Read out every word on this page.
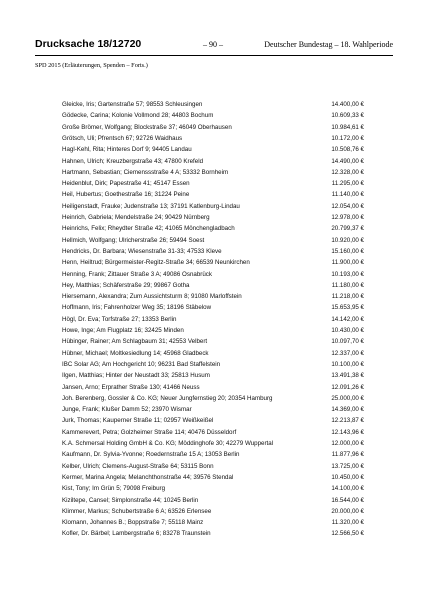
Drucksache 18/12720	– 90 –	Deutscher Bundestag – 18. Wahlperiode
SPD 2015 (Erläuterungen, Spenden – Forts.)
Gleicke, Iris; Gartenstraße 57; 98553 Schleusingen	14.400,00 €
Gödecke, Carina; Kolonie Vollmond 28; 44803 Bochum	10.609,33 €
Große Brömer, Wolfgang; Blockstraße 37; 46049 Oberhausen	10.984,61 €
Grötsch, Uli; Pfrentsch 67; 92726 Waidhaus	10.172,00 €
Hagl-Kehl, Rita; Hinteres Dorf 9; 94405 Landau	10.508,76 €
Hahnen, Ulrich; Kreuzbergstraße 43; 47800 Krefeld	14.490,00 €
Hartmann, Sebastian; Ciemenssstraße 4 A; 53332 Bornheim	12.328,00 €
Heidenblut, Dirk; Papestraße 41; 45147 Essen	11.295,00 €
Heil, Hubertus; Goethestraße 16; 31224 Peine	11.140,00 €
Heiligenstadt, Frauke; Judenstraße 13; 37191 Katlenburg-Lindau	12.054,00 €
Heinrich, Gabriela; Mendelstraße 24; 90429 Nürnberg	12.978,00 €
Heinrichs, Felix; Rheydter Straße 42; 41065 Mönchengladbach	20.799,37 €
Hellmich, Wolfgang; Ulricherstraße 26; 59494 Soest	10.920,00 €
Hendricks, Dr. Barbara; Wiesenstraße 31-33; 47533 Kleve	15.160,00 €
Henn, Heiltrud; Bürgermeister-Regitz-Straße 34; 66539 Neunkirchen	11.900,00 €
Henning, Frank; Zittauer Straße 3 A; 49086 Osnabrück	10.193,00 €
Hey, Matthias; Schäferstraße 29; 99867 Gotha	11.180,00 €
Hiersemann, Alexandra; Zum Aussichtsturm 8; 91080 Marloffstein	11.218,00 €
Hoffmann, Iris; Fahrenholzer Weg 35; 18196 Stäbelow	15.653,95 €
Högl, Dr. Eva; Torfstraße 27; 13353 Berlin	14.142,00 €
Howe, Inge; Am Flugplatz 16; 32425 Minden	10.430,00 €
Hübinger, Rainer; Am Schlagbaum 31; 42553 Velbert	10.097,70 €
Hübner, Michael; Moltkesiedlung 14; 45968 Gladbeck	12.337,00 €
IBC Solar AG; Am Hochgericht 10; 96231 Bad Staffelstein	10.100,00 €
Ilgen, Matthias; Hinter der Neustadt 33; 25813 Husum	13.491,38 €
Jansen, Arno; Erprather Straße 130; 41466 Neuss	12.091,26 €
Joh. Berenberg, Gossler & Co. KG; Neuer Jungfernstieg 20; 20354 Hamburg	25.000,00 €
Junge, Frank; Klußer Damm 52; 23970 Wismar	14.369,00 €
Jurk, Thomas; Kauperner Straße 11; 02957 Weißkeißel	12.213,87 €
Kammerevert, Petra; Golzheimer Straße 114; 40476 Düsseldorf	12.143,96 €
K.A. Schmersal Holding GmbH & Co. KG; Möddinghofe 30; 42279 Wuppertal	12.000,00 €
Kaufmann, Dr. Sylvia-Yvonne; Roedernstraße 15 A; 13053 Berlin	11.877,96 €
Kelber, Ulrich; Clemens-August-Straße 64; 53115 Bonn	13.725,00 €
Kermer, Marina Angela; Melanchthonstraße 44; 39576 Stendal	10.450,00 €
Kist, Tony; Im Grün 5; 79098 Freiburg	14.100,00 €
Kiziltepe, Cansel; Simplonstraße 44; 10245 Berlin	16.544,00 €
Klimmer, Markus; Schubertstraße 6 A; 63526 Erlensee	20.000,00 €
Klomann, Johannes B.; Boppstraße 7; 55118 Mainz	11.320,00 €
Kofler, Dr. Bärbel; Lambergstraße 6; 83278 Traunstein	12.566,50 €
